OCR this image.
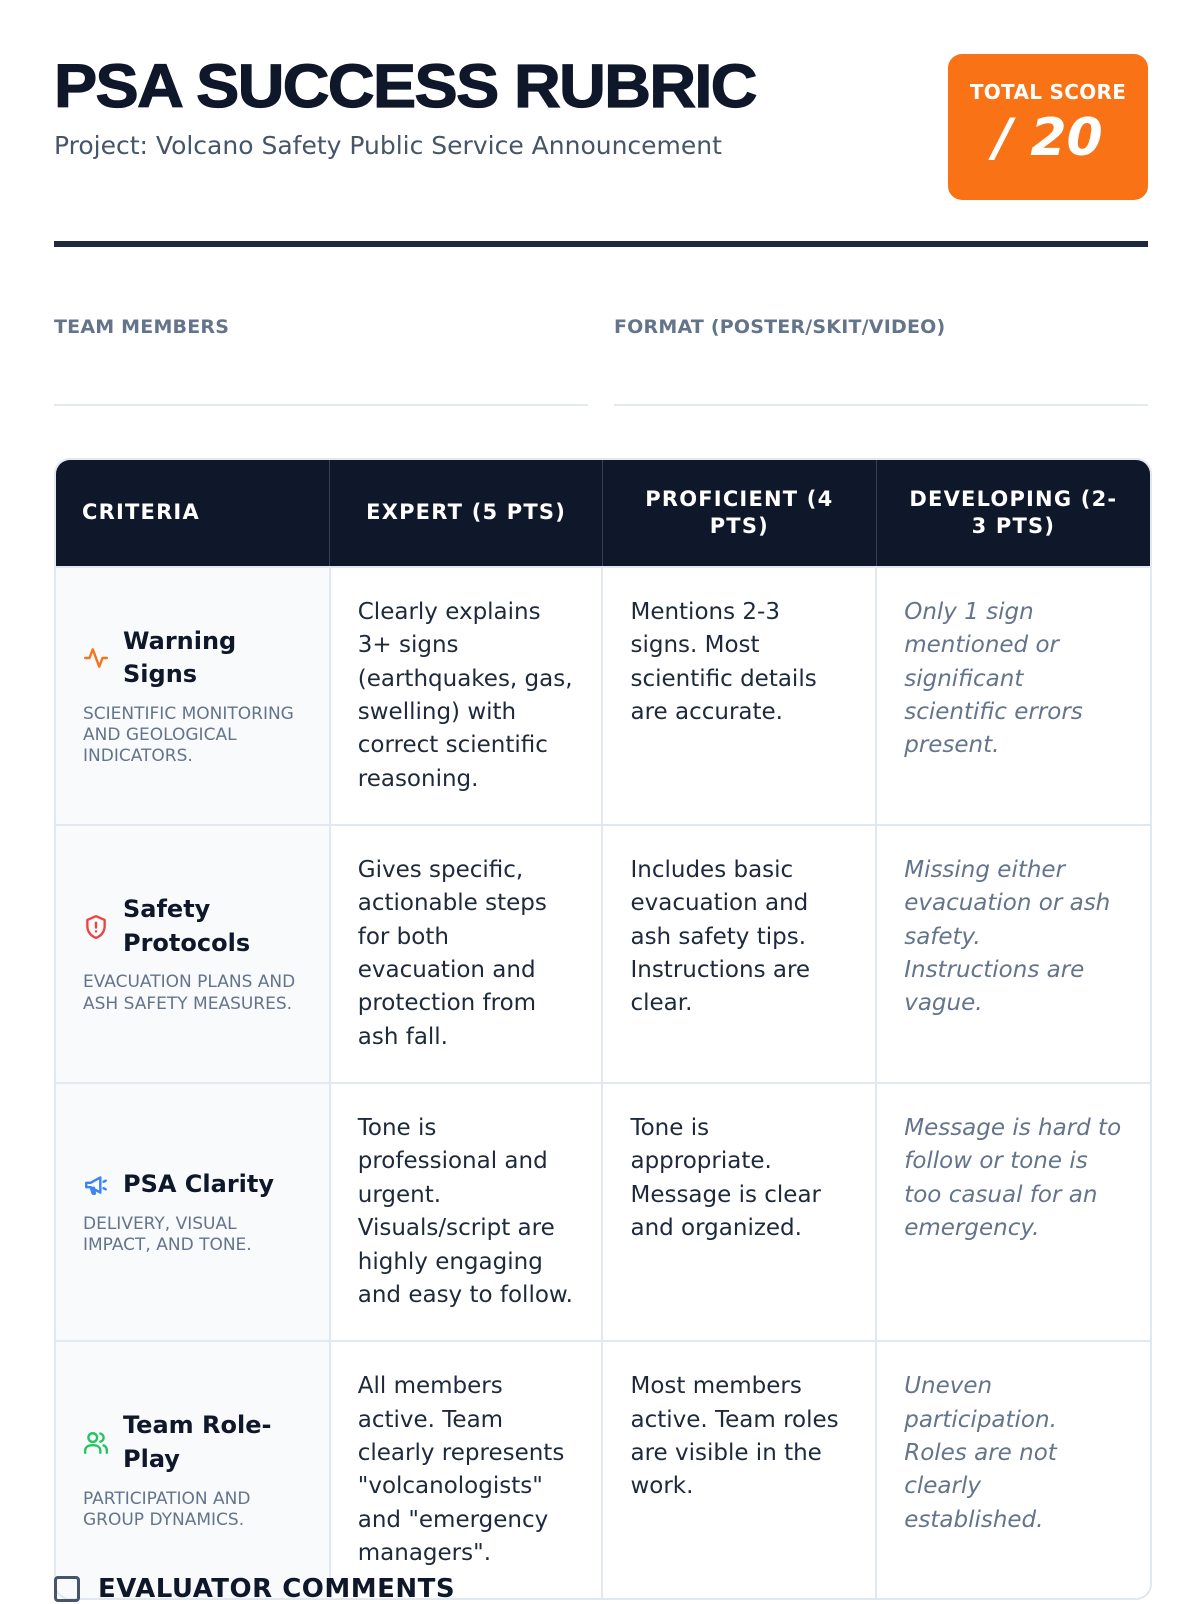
PSA SUCCESS RUBRIC

Project: Volcano Safety Public Service Announcement

TOTAL SCORE
/ 20
TEAM MEMBERS	FORMAT (POSTER/SKIT/VIDEO)
CRITERIA	EXPERT (5 PTS)	PROFICIENT (4 PTS)	DEVELOPING (2-3 PTS)

Warning Signs
SCIENTIFIC MONITORING AND GEOLOGICAL INDICATORS.	Clearly explains 3+ signs (earthquakes, gas, swelling) with correct scientific reasoning.	Mentions 2-3 signs. Most scientific details are accurate.	Only 1 sign mentioned or significant scientific errors present.

Safety Protocols
EVACUATION PLANS AND ASH SAFETY MEASURES.	Gives specific, actionable steps for both evacuation and protection from ash fall.	Includes basic evacuation and ash safety tips. Instructions are clear.	Missing either evacuation or ash safety. Instructions are vague.

PSA Clarity
DELIVERY, VISUAL IMPACT, AND TONE.	Tone is professional and urgent. Visuals/script are highly engaging and easy to follow.	Tone is appropriate. Message is clear and organized.	Message is hard to follow or tone is too casual for an emergency.

Team Role-Play
PARTICIPATION AND GROUP DYNAMICS.	All members active. Team clearly represents "volcanologists" and "emergency managers".	Most members active. Team roles are visible in the work.	Uneven participation. Roles are not clearly established.
EVALUATOR COMMENTS
